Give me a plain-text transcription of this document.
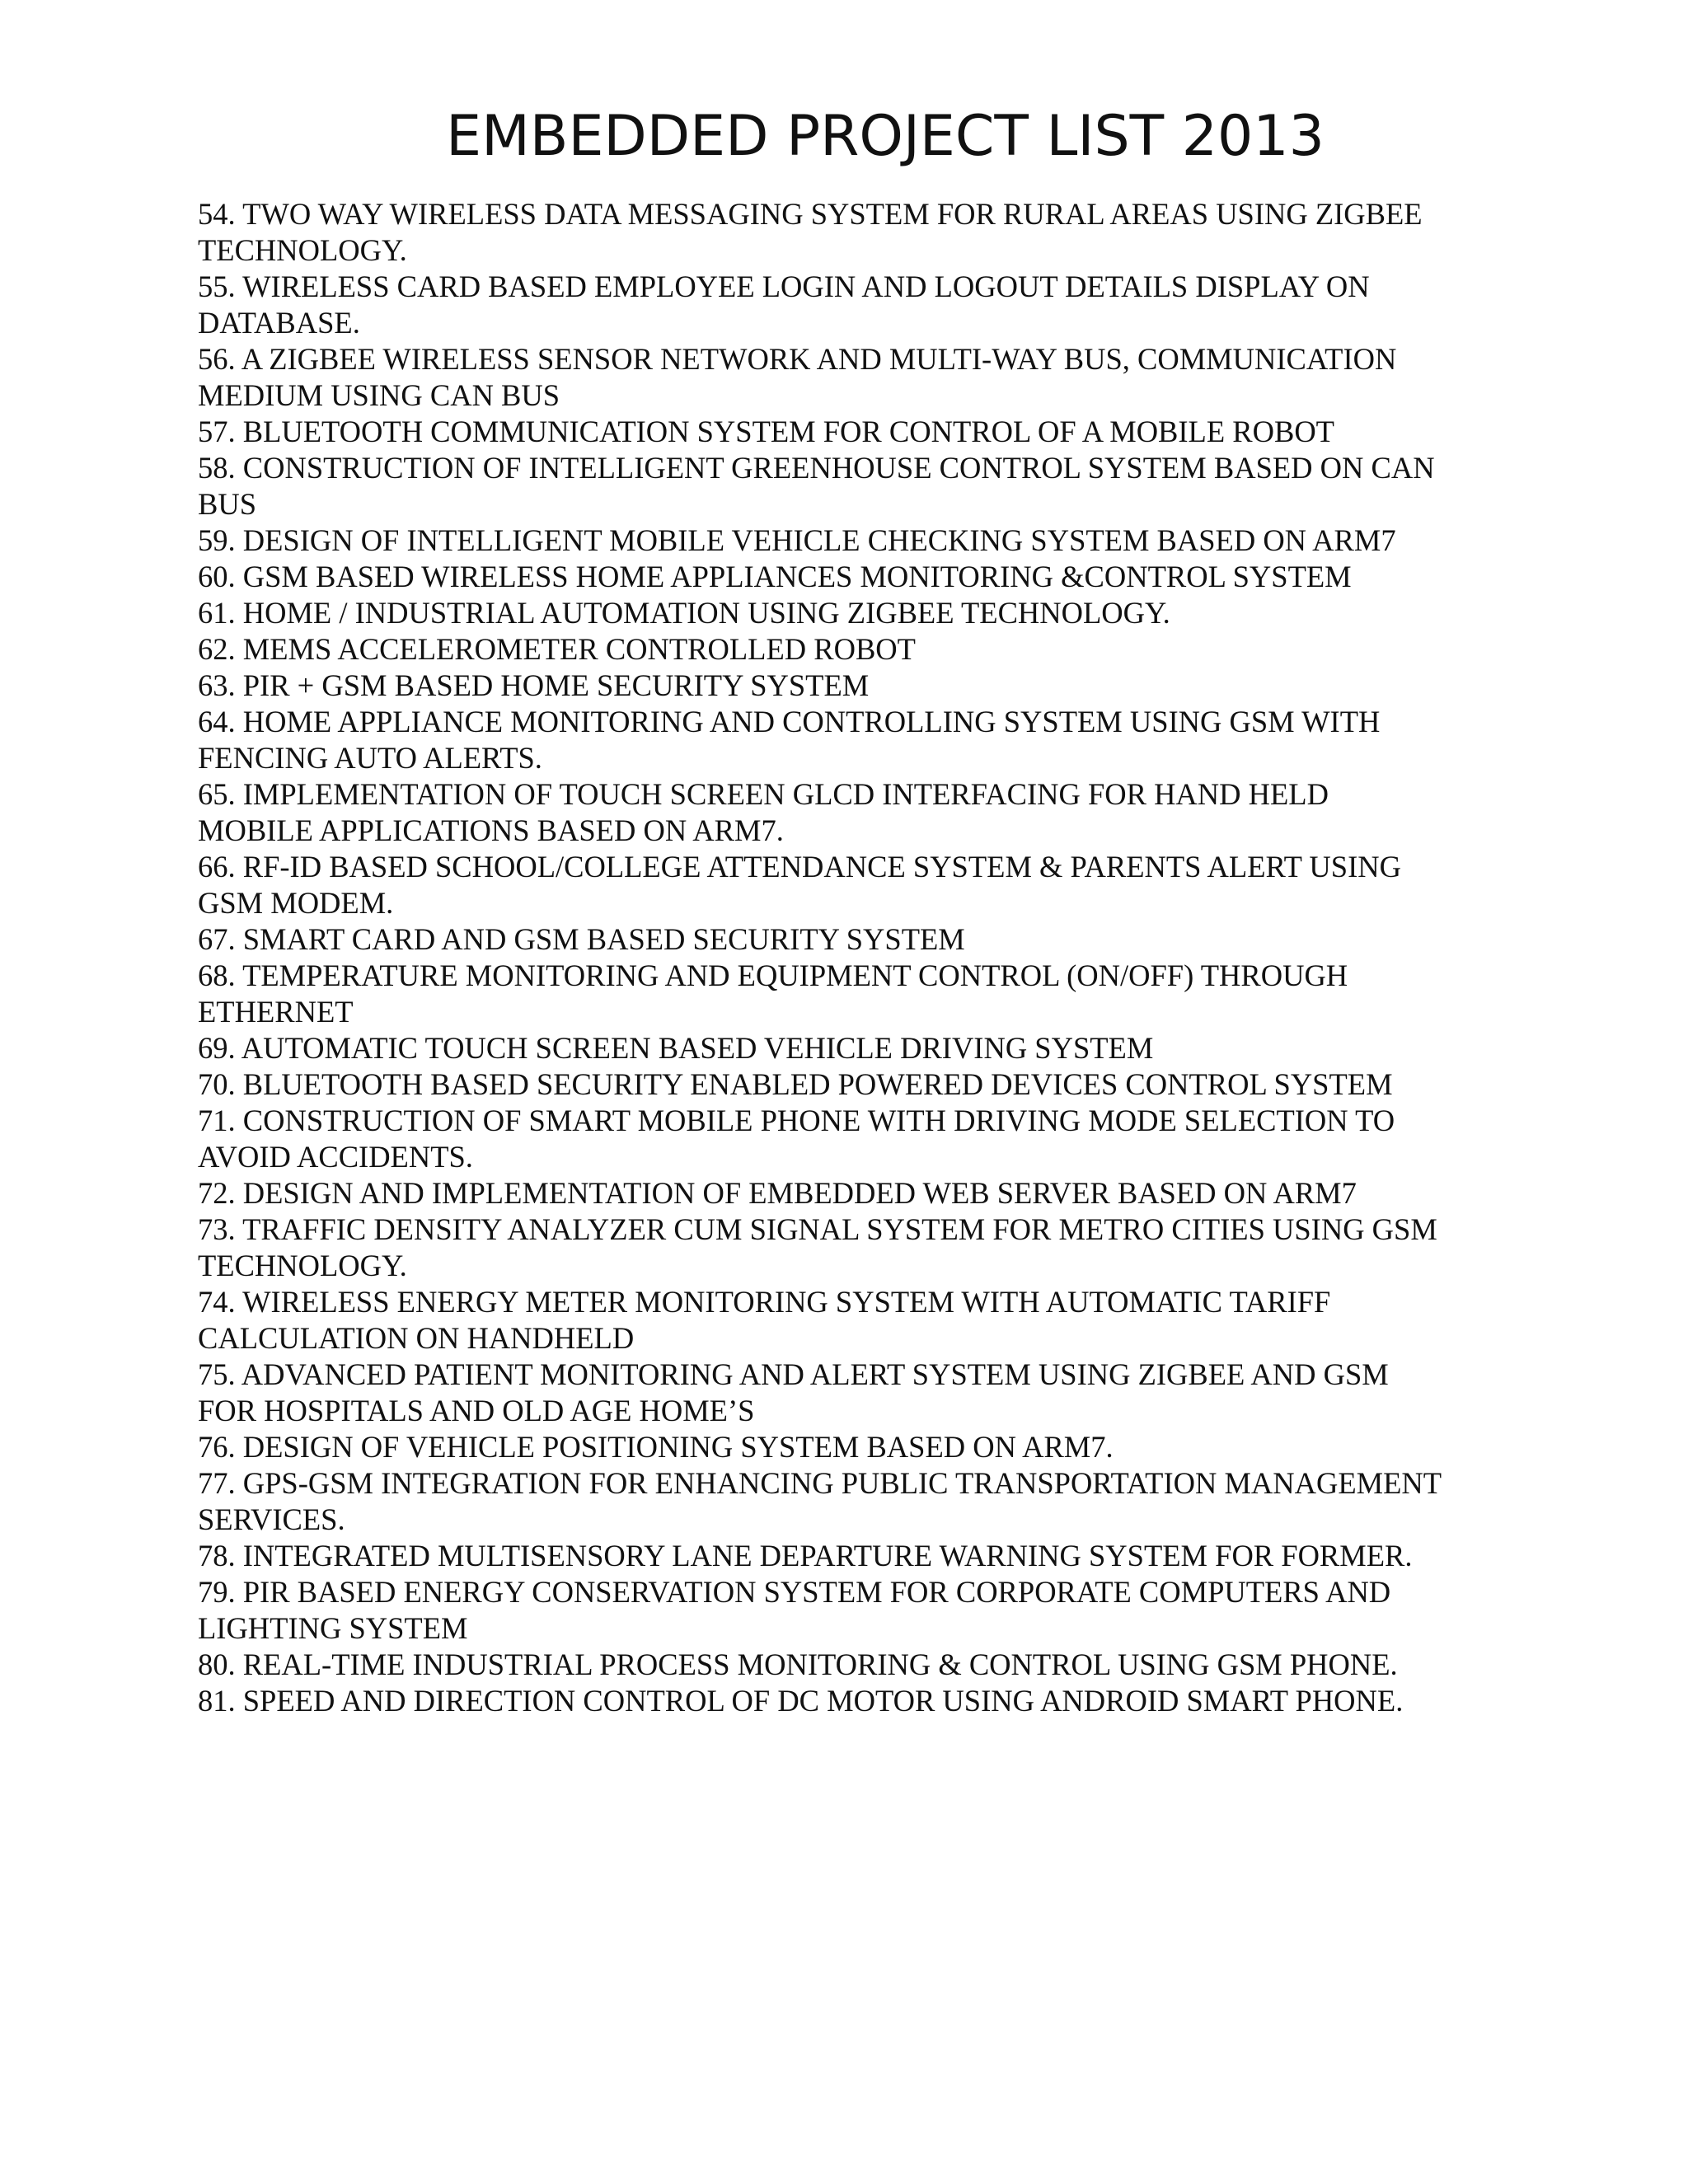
EMBEDDED PROJECT LIST 2013
54. TWO WAY WIRELESS DATA MESSAGING SYSTEM FOR RURAL AREAS USING ZIGBEE TECHNOLOGY.
55. WIRELESS CARD BASED EMPLOYEE LOGIN AND LOGOUT DETAILS DISPLAY ON DATABASE.
56. A ZIGBEE WIRELESS SENSOR NETWORK AND MULTI-WAY BUS, COMMUNICATION MEDIUM USING CAN BUS
57. BLUETOOTH COMMUNICATION SYSTEM FOR CONTROL OF A MOBILE ROBOT
58. CONSTRUCTION OF INTELLIGENT GREENHOUSE CONTROL SYSTEM BASED ON CAN BUS
59. DESIGN OF INTELLIGENT MOBILE VEHICLE CHECKING SYSTEM BASED ON ARM7
60. GSM BASED WIRELESS HOME APPLIANCES MONITORING &CONTROL SYSTEM
61. HOME / INDUSTRIAL AUTOMATION USING ZIGBEE TECHNOLOGY.
62. MEMS ACCELEROMETER CONTROLLED ROBOT
63. PIR + GSM BASED HOME SECURITY SYSTEM
64. HOME APPLIANCE MONITORING AND CONTROLLING SYSTEM USING GSM WITH FENCING AUTO ALERTS.
65. IMPLEMENTATION OF TOUCH SCREEN GLCD INTERFACING FOR HAND HELD MOBILE APPLICATIONS BASED ON ARM7.
66. RF-ID BASED SCHOOL/COLLEGE ATTENDANCE SYSTEM & PARENTS ALERT USING GSM MODEM.
67. SMART CARD AND GSM BASED SECURITY SYSTEM
68. TEMPERATURE MONITORING AND EQUIPMENT CONTROL (ON/OFF) THROUGH ETHERNET
69. AUTOMATIC TOUCH SCREEN BASED VEHICLE DRIVING SYSTEM
70. BLUETOOTH BASED SECURITY ENABLED POWERED DEVICES CONTROL SYSTEM
71. CONSTRUCTION OF SMART MOBILE PHONE WITH DRIVING MODE SELECTION TO AVOID ACCIDENTS.
72. DESIGN AND IMPLEMENTATION OF EMBEDDED WEB SERVER BASED ON ARM7
73. TRAFFIC DENSITY ANALYZER CUM SIGNAL SYSTEM FOR METRO CITIES USING GSM TECHNOLOGY.
74. WIRELESS ENERGY METER MONITORING SYSTEM WITH AUTOMATIC TARIFF CALCULATION ON HANDHELD
75. ADVANCED PATIENT MONITORING AND ALERT SYSTEM USING ZIGBEE AND GSM FOR HOSPITALS AND OLD AGE HOME’S
76. DESIGN OF VEHICLE POSITIONING SYSTEM BASED ON ARM7.
77. GPS-GSM INTEGRATION FOR ENHANCING PUBLIC TRANSPORTATION MANAGEMENT SERVICES.
78. INTEGRATED MULTISENSORY LANE DEPARTURE WARNING SYSTEM FOR FORMER.
79. PIR BASED ENERGY CONSERVATION SYSTEM FOR CORPORATE COMPUTERS AND LIGHTING SYSTEM
80. REAL-TIME INDUSTRIAL PROCESS MONITORING & CONTROL USING GSM PHONE.
81. SPEED AND DIRECTION CONTROL OF DC MOTOR USING ANDROID SMART PHONE.
